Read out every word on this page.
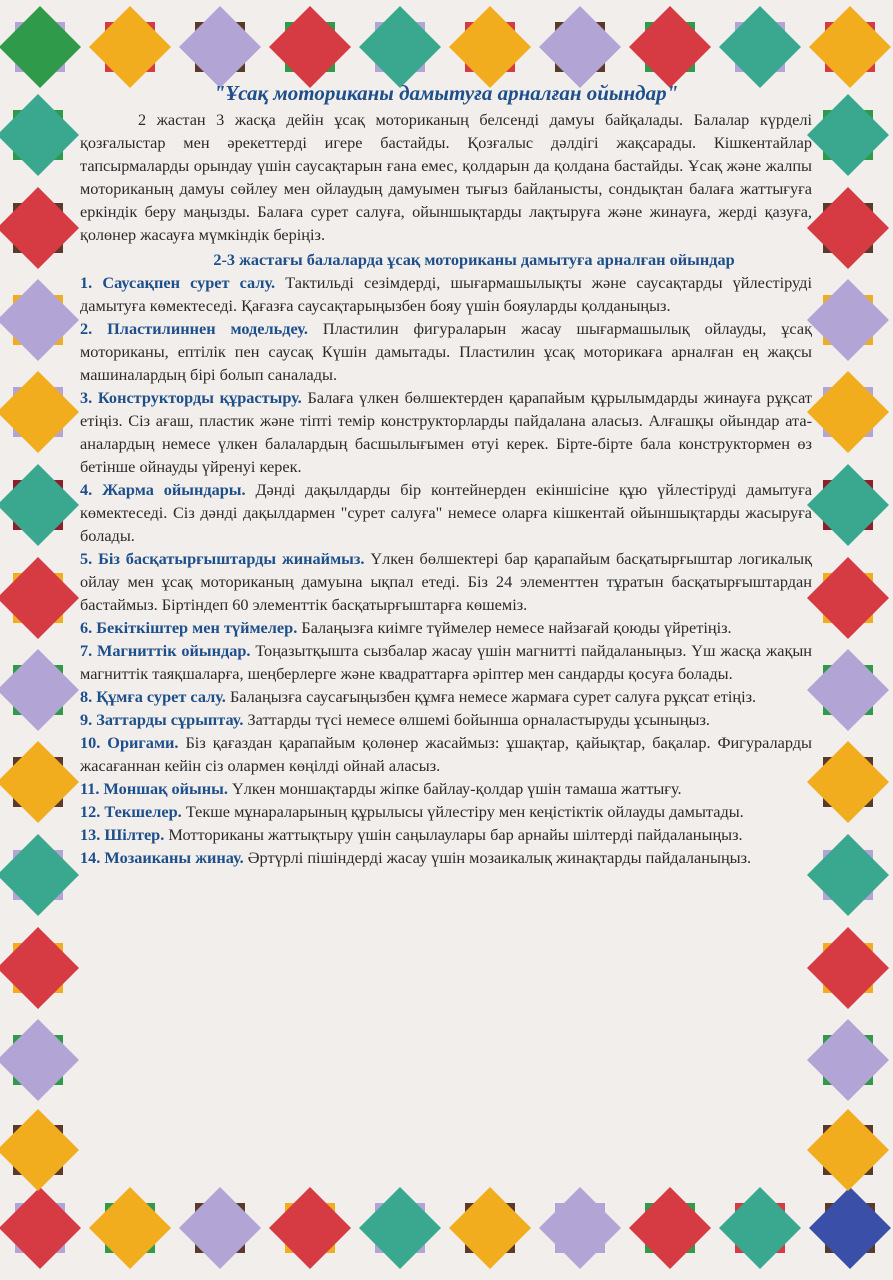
"Ұсақ моториканы дамытуға арналған ойындар"

2 жастан 3 жасқа дейін ұсақ моториканың белсенді дамуы байқалады. Балалар күрделі қозғалыстар мен әрекеттерді игере бастайды. Қозғалыс дәлдігі жақсарады. Кішкентайлар тапсырмаларды орындау үшін саусақтарын ғана емес, қолдарын да қолдана бастайды. Ұсақ және жалпы моториканың дамуы сөйлеу мен ойлаудың дамуымен тығыз байланысты, сондықтан балаға жаттығуға еркіндік беру маңызды. Балаға сурет салуға, ойыншықтарды лақтыруға және жинауға, жерді қазуға, қолөнер жасауға мүмкіндік беріңіз.

2-3 жастағы балаларда ұсақ моториканы дамытуға арналған ойындар

1. Саусақпен сурет салу. Тактильді сезімдерді, шығармашылықты және саусақтарды үйлестіруді дамытуға көмектеседі. Қағазға саусақтарыңызбен бояу үшін бояуларды қолданыңыз.

2. Пластилиннен модельдеу. Пластилин фигураларын жасау шығармашылық ойлауды, ұсақ моториканы, ептілік пен саусақ Күшін дамытады. Пластилин ұсақ моторикаға арналған ең жақсы машиналардың бірі болып саналады.

3. Конструкторды құрастыру. Балаға үлкен бөлшектерден қарапайым құрылымдарды жинауға рұқсат етіңіз. Сіз ағаш, пластик және тіпті темір конструкторларды пайдалана аласыз. Алғашқы ойындар ата-аналардың немесе үлкен балалардың басшылығымен өтуі керек. Бірте-бірте бала конструктормен өз бетінше ойнауды үйренуі керек.

4. Жарма ойындары. Дәнді дақылдарды бір контейнерден екіншісіне құю үйлестіруді дамытуға көмектеседі. Сіз дәнді дақылдармен "сурет салуға" немесе оларға кішкентай ойыншықтарды жасыруға болады.

5. Біз басқатырғыштарды жинаймыз. Үлкен бөлшектері бар қарапайым басқатырғыштар логикалық ойлау мен ұсақ моториканың дамуына ықпал етеді. Біз 24 элементтен тұратын басқатырғыштардан бастаймыз. Біртіндеп 60 элементтік басқатырғыштарға көшеміз.

6. Бекіткіштер мен түймелер. Балаңызға киімге түймелер немесе найзағай қоюды үйретіңіз.

7. Магниттік ойындар. Тоңазытқышта сызбалар жасау үшін магнитті пайдаланыңыз. Үш жасқа жақын магниттік таяқшаларға, шеңберлерге және квадраттарға әріптер мен сандарды қосуға болады.

8. Құмға сурет салу. Балаңызға саусағыңызбен құмға немесе жармаға сурет салуға рұқсат етіңіз.

9. Заттарды сұрыптау. Заттарды түсі немесе өлшемі бойынша орналастыруды ұсыныңыз.

10. Оригами. Біз қағаздан қарапайым қолөнер жасаймыз: ұшақтар, қайықтар, бақалар. Фигураларды жасағаннан кейін сіз олармен көңілді ойнай аласыз.

11. Моншақ ойыны. Үлкен моншақтарды жіпке байлау-қолдар үшін тамаша жаттығу.

12. Текшелер. Текше мұнараларының құрылысы үйлестіру мен кеңістіктік ойлауды дамытады.

13. Шілтер. Мотториканы жаттықтыру үшін саңылаулары бар арнайы шілтерді пайдаланыңыз.

14. Мозаиканы жинау. Әртүрлі пішіндерді жасау үшін мозаикалық жинақтарды пайдаланыңыз.
